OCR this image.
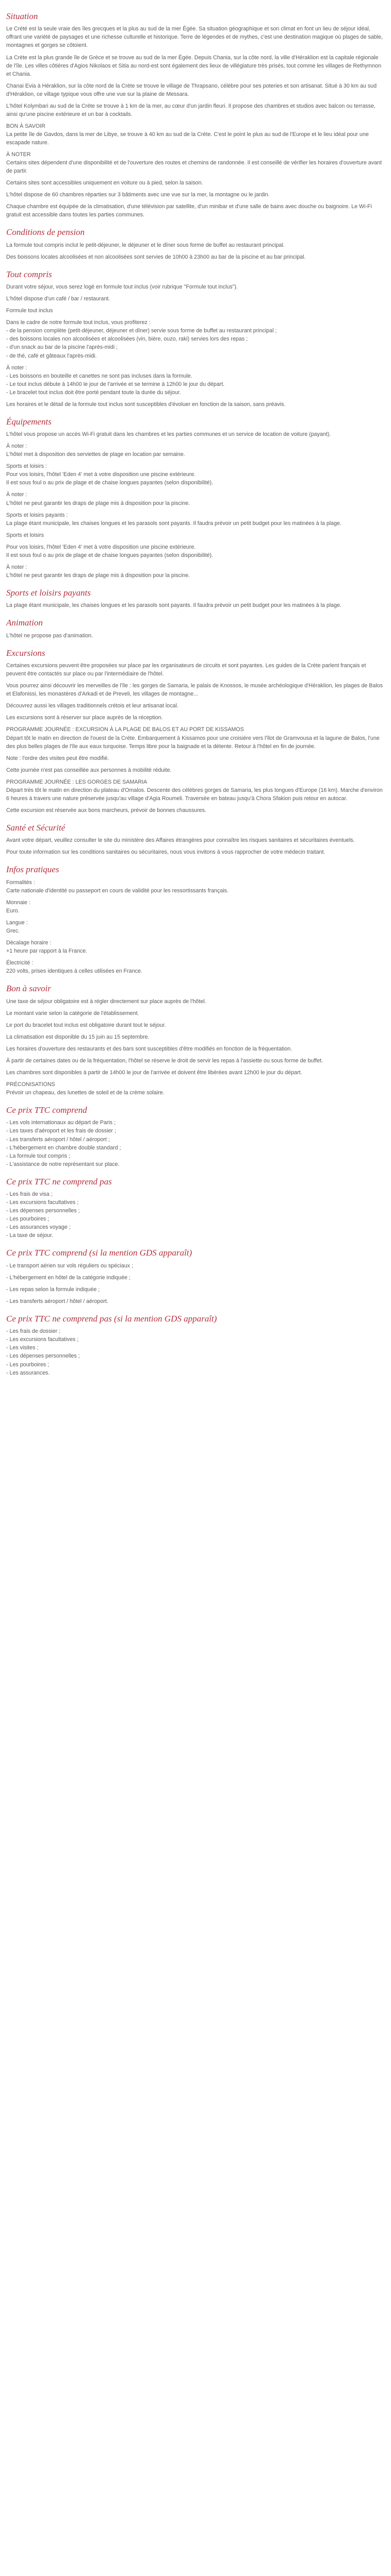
Situation

Le Crété est la seule vraie des îles grecques et la plus au sud de la mer Égée. Sa situation géographique et son climat en font un lieu de séjour idéal, offrant une variété de paysages et une richesse culturelle et historique. Terre de légendes et de mythes, c'est une destination magique où plages de sable, montagnes et gorges se côtoient.

La Crète est la plus grande île de Grèce et se trouve au sud de la mer Égée. Depuis Chania, sur la côte nord, la ville d'Héraklion est la capitale régionale de l'île. Les villes côtières d'Agios Nikolaos et Sitia au nord-est sont également des lieux de villégiature très prisés, tout comme les villages de Rethymnon et Chania.

Chanai Evia à Héraklion, sur la côte nord de la Crète se trouve le village de Thrapsano, célèbre pour ses poteries et son artisanat. Situé à 30 km au sud d'Héraklion, ce village typique vous offre une vue sur la plaine de Messara.

L'hôtel Kolymbari au sud de la Crète se trouve à 1 km de la mer, au cœur d'un jardin fleuri. Il propose des chambres et studios avec balcon ou terrasse, ainsi qu'une piscine extérieure et un bar à cocktails.

BON À SAVOIR
La petite île de Gavdos, dans la mer de Libye, se trouve à 40 km au sud de la Crète. C'est le point le plus au sud de l'Europe et le lieu idéal pour une escapade nature.

À NOTER
Certains sites dépendent d'une disponibilité et de l'ouverture des routes et chemins de randonnée. Il est conseillé de vérifier les horaires d'ouverture avant de partir.

Certains sites sont accessibles uniquement en voiture ou à pied, selon la saison.

L'hôtel dispose de 60 chambres réparties sur 3 bâtiments avec une vue sur la mer, la montagne ou le jardin.

Chaque chambre est équipée de la climatisation, d'une télévision par satellite, d'un minibar et d'une salle de bains avec douche ou baignoire. Le Wi-Fi gratuit est accessible dans toutes les parties communes.

Conditions de pension

La formule tout compris inclut le petit-déjeuner, le déjeuner et le dîner sous forme de buffet au restaurant principal.

Des boissons locales alcoolisées et non alcoolisées sont servies de 10h00 à 23h00 au bar de la piscine et au bar principal.

Tout compris

Durant votre séjour, vous serez logé en formule tout inclus (voir rubrique "Formule tout inclus").

L'hôtel dispose d'un café / bar / restaurant.

Formule tout inclus

Dans le cadre de notre formule tout inclus, vous profiterez :
- de la pension complète (petit-déjeuner, déjeuner et dîner) servie sous forme de buffet au restaurant principal ;
- des boissons locales non alcoolisées et alcoolisées (vin, bière, ouzo, raki) servies lors des repas ;
- d'un snack au bar de la piscine l'après-midi ;
- de thé, café et gâteaux l'après-midi.

À noter :
- Les boissons en bouteille et canettes ne sont pas incluses dans la formule.
- Le tout inclus débute à 14h00 le jour de l'arrivée et se termine à 12h00 le jour du départ.
- Le bracelet tout inclus doit être porté pendant toute la durée du séjour.

Les horaires et le détail de la formule tout inclus sont susceptibles d'évoluer en fonction de la saison, sans préavis.

Équipements

L'hôtel vous propose un accès Wi-Fi gratuit dans les chambres et les parties communes et un service de location de voiture (payant).

À noter :
L'hôtel met à disposition des serviettes de plage en location par semaine.

Sports et loisirs :
Pour vos loisirs, l'hôtel 'Eden 4' met à votre disposition une piscine extérieure.
Il est sous foul o au prix de plage et de chaise longues payantes (selon disponibilité).

À noter :
L'hôtel ne peut garantir les draps de plage mis à disposition pour la piscine.

Sports et loisirs payants :
La plage étant municipale, les chaises longues et les parasols sont payants. Il faudra prévoir un petit budget pour les matinées à la plage.

Sports et loisirs

Pour vos loisirs, l'hôtel 'Eden 4' met à votre disposition une piscine extérieure.
Il est sous foul o au prix de plage et de chaise longues payantes (selon disponibilité).

À noter :
L'hôtel ne peut garantir les draps de plage mis à disposition pour la piscine.

Sports et loisirs payants

La plage étant municipale, les chaises longues et les parasols sont payants. Il faudra prévoir un petit budget pour les matinées à la plage.

Animation

L'hôtel ne propose pas d'animation.

Excursions

Certaines excursions peuvent être proposées sur place par les organisateurs de circuits et sont payantes. Les guides de la Crète parlent français et peuvent être contactés sur place ou par l'intermédiaire de l'hôtel.

Vous pourrez ainsi découvrir les merveilles de l'île : les gorges de Samaria, le palais de Knossos, le musée archéologique d'Héraklion, les plages de Balos et Elafonissi, les monastères d'Arkadi et de Preveli, les villages de montagne...

Découvrez aussi les villages traditionnels crétois et leur artisanat local.

Les excursions sont à réserver sur place auprès de la réception.

PROGRAMME JOURNÉE : EXCURSION À LA PLAGE DE BALOS ET AU PORT DE KISSAMOS
Départ tôt le matin en direction de l'ouest de la Crète. Embarquement à Kissamos pour une croisière vers l'îlot de Gramvousa et la lagune de Balos, l'une des plus belles plages de l'île aux eaux turquoise. Temps libre pour la baignade et la détente. Retour à l'hôtel en fin de journée.

Note : l'ordre des visites peut être modifié.

Cette journée n'est pas conseillée aux personnes à mobilité réduite.

PROGRAMME JOURNÉE : LES GORGES DE SAMARIA
Départ très tôt le matin en direction du plateau d'Omalos. Descente des célèbres gorges de Samaria, les plus longues d'Europe (16 km). Marche d'environ 6 heures à travers une nature préservée jusqu'au village d'Agia Roumeli. Traversée en bateau jusqu'à Chora Sfakion puis retour en autocar.

Cette excursion est réservée aux bons marcheurs, prévoir de bonnes chaussures.

Santé et Sécurité

Avant votre départ, veuillez consulter le site du ministère des Affaires étrangères pour connaître les risques sanitaires et sécuritaires éventuels.

Pour toute information sur les conditions sanitaires ou sécuritaires, nous vous invitons à vous rapprocher de votre médecin traitant.

Infos pratiques

Formalités :
Carte nationale d'identité ou passeport en cours de validité pour les ressortissants français.

Monnaie :
Euro.

Langue :
Grec.

Décalage horaire :
+1 heure par rapport à la France.

Électricité :
220 volts, prises identiques à celles utilisées en France.

Bon à savoir

Une taxe de séjour obligatoire est à régler directement sur place auprès de l'hôtel.

Le montant varie selon la catégorie de l'établissement.

Le port du bracelet tout inclus est obligatoire durant tout le séjour.

La climatisation est disponible du 15 juin au 15 septembre.

Les horaires d'ouverture des restaurants et des bars sont susceptibles d'être modifiés en fonction de la fréquentation.

À partir de certaines dates ou de la fréquentation, l'hôtel se réserve le droit de servir les repas à l'assiette ou sous forme de buffet.

Les chambres sont disponibles à partir de 14h00 le jour de l'arrivée et doivent être libérées avant 12h00 le jour du départ.

PRÉCONISATIONS
Prévoir un chapeau, des lunettes de soleil et de la crème solaire.

Ce prix TTC comprend
- Les vols internationaux au départ de Paris ;
- Les taxes d'aéroport et les frais de dossier ;
- Les transferts aéroport / hôtel / aéroport ;
- L'hébergement en chambre double standard ;
- La formule tout compris ;
- L'assistance de notre représentant sur place.
Ce prix TTC ne comprend pas
- Les frais de visa ;
- Les excursions facultatives ;
- Les dépenses personnelles ;
- Les pourboires ;
- Les assurances voyage ;
- La taxe de séjour.
Ce prix TTC comprend (si la mention GDS apparaît)

- Le transport aérien sur vols réguliers ou spéciaux ;

- L'hébergement en hôtel de la catégorie indiquée ;

- Les repas selon la formule indiquée ;

- Les transferts aéroport / hôtel / aéroport.

Ce prix TTC ne comprend pas (si la mention GDS apparaît)
- Les frais de dossier ;
- Les excursions facultatives ;
- Les visites ;
- Les dépenses personnelles ;
- Les pourboires ;
- Les assurances.
